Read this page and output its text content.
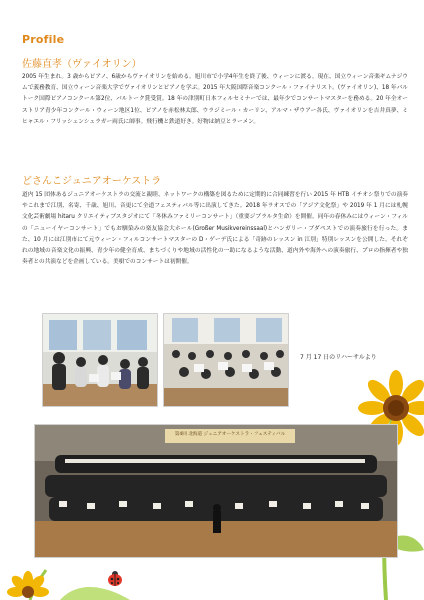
Profile
佐藤直孝（ヴァイオリン）
2005 年生まれ。3 歳からピアノ、6歳からヴァイオリンを始める。旭川市で小学4年生を終了後、ウィーンに渡る。現在、国立ウィーン音楽ギムナジウムで義務教育、国立ウィーン音楽大学でヴァイオリンとピアノを学ぶ。2015 年大阪国際音楽コンクール・ファイナリスト。(ヴァイオリン)、18 年バルトーク国際ピアノコンクール第2位、バルトーク賞受賞。18 年の津別町日本フィルセミナーでは、最年少でコンサートマスターを務める。20 年全オーストリア青少年コンクール・ウィーン地区1位、ピアノを赤松林太郎、ウラジミール・カーリン、アルマ・ザウアー各氏、ヴァイオリンを吉井真夢、ミヒャエル・フリッシェンシュラガー両氏に師事。飛行機と鉄道好き。好物は納豆とラーメン。
どさんこジュニアオーケストラ
道内 15 団体あるジュニアオーケストラの交流と親睦、ネットワークの構築を図るために定期的に合同練習を行い 2015 年 HTB イチオシ祭りでの演奏やこれまで江別、名寄、千歳、旭川、音更にて全道フェスティバル等に出演してきた。2018 年ラオスでの「アジア文化祭」や 2019 年 1 月には札幌文化芸術劇場 hitaru クリエイティブスタジオにて「冬休みファミリーコンサート」（重要ジブラルタ生命）を開催。同年の春休みにはウィーン・フィルの「ニューイヤーコンサート」でもお馴染みの楽友協会大ホール(Großer Musikvereinssaal)とハンガリー・ブダペストでの演奏旅行を行った。また、10 月には江別市にて元ウィーン・フィルコンサートマスターの D・ゲーデ氏による「奇跡のレッスン in 江別」特別レッスンを公開した。それぞれの地域の音楽文化の振興、青少年の健全育成、まちづくりや地域の活性化の一助になるような活動、道内外や海外への演奏旅行、プロの指揮者や独奏者との共演などを企画している。美唄でのコンサートは初開催。
7 月 17 日のリハーサルより
第4回 北海道 ジュニアオーケストラ・フェスティバル
